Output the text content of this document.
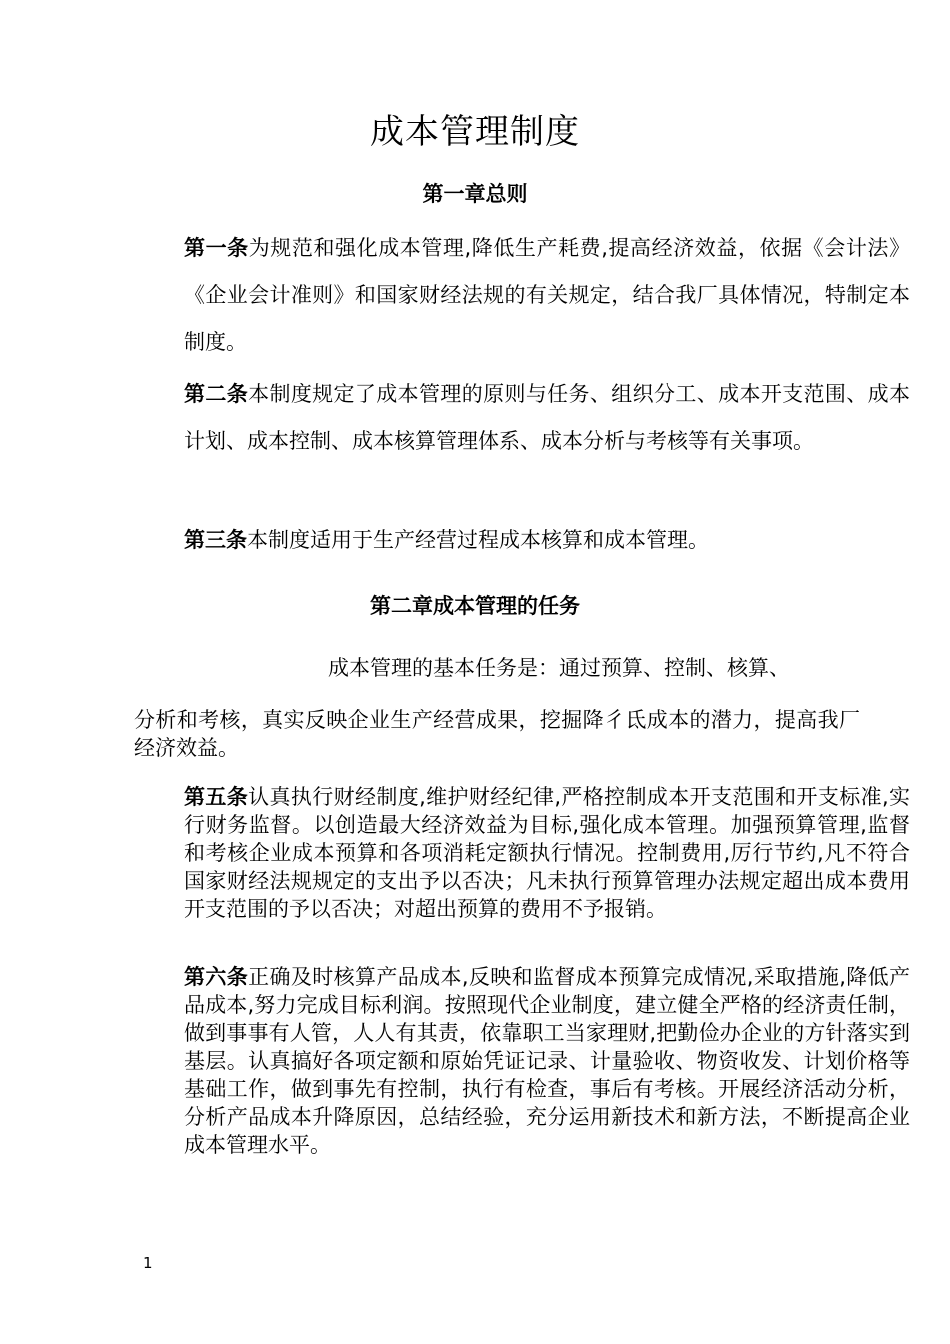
成本管理制度
第一章总则

第一条为规范和强化成本管理,降低生产耗费,提高经济效益，依据《会计法》《企业会计准则》和国家财经法规的有关规定，结合我厂具体情况，特制定本制度。

第二条本制度规定了成本管理的原则与任务、组织分工、成本开支范围、成本计划、成本控制、成本核算管理体系、成本分析与考核等有关事项。

第三条本制度适用于生产经营过程成本核算和成本管理。

第二章成本管理的任务
成本管理的基本任务是：通过预算、控制、核算、

分析和考核，真实反映企业生产经营成果，挖掘降彳氐成本的潜力，提高我厂经济效益。

第五条认真执行财经制度,维护财经纪律,严格控制成本开支范围和开支标准,实行财务监督。以创造最大经济效益为目标,强化成本管理。加强预算管理,监督和考核企业成本预算和各项消耗定额执行情况。控制费用,厉行节约,凡不符合国家财经法规规定的支出予以否决；凡未执行预算管理办法规定超出成本费用开支范围的予以否决；对超出预算的费用不予报销。

第六条正确及时核算产品成本,反映和监督成本预算完成情况,采取措施,降低产品成本,努力完成目标利润。按照现代企业制度，建立健全严格的经济责任制，做到事事有人管，人人有其责，依靠职工当家理财,把勤俭办企业的方针落实到基层。认真搞好各项定额和原始凭证记录、计量验收、物资收发、计划价格等基础工作，做到事先有控制，执行有检查，事后有考核。开展经济活动分析，分析产品成本升降原因，总结经验，充分运用新技术和新方法，不断提高企业成本管理水平。

1
